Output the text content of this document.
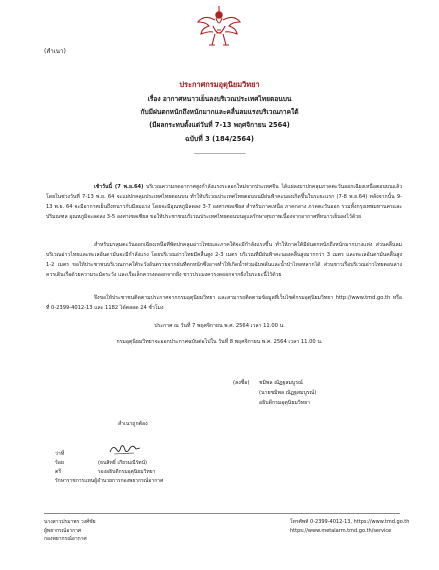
(สำเนา)
ประกาศกรมอุตุนิยมวิทยา
เรื่อง อากาศหนาวเย็นลงบริเวณประเทศไทยตอนบน
กับมีฝนตกหนักถึงหนักมากและคลื่นลมแรงบริเวณภาคใต้
(มีผลกระทบตั้งแต่วันที่ 7-13 พฤศจิกายน 2564)
ฉบับที่ 3 (184/2564)
-------------------------------

เช้าวันนี้ (7 พ.ย.64) บริเวณความกดอากาศสูงกำลังแรงระลอกใหม่จากประเทศจีน ได้แผ่ลงมาปกคลุมภาคตะวันออกเฉียงเหนือตอนบนแล้ว โดยในช่วงวันที่ 7-13 พ.ย. 64 จะแผ่ปกคลุมประเทศไทยตอนบน ทำให้บริเวณประเทศไทยตอนบนมีฝนฟ้าคะนองเกิดขึ้นในระยะแรก (7-8 พ.ย.64) หลังจากนั้น 9-13 พ.ย. 64 จะมีอากาศเย็นถึงหนาวกับมีลมแรง โดยจะมีอุณหภูมิลดลง 3-7 องศาเซลเซียส สำหรับภาคเหนือ ภาคกลาง ภาคตะวันออก รวมทั้งกรุงเทพมหานครและปริมณฑล อุณหภูมิจะลดลง 3-5 องศาเซลเซียส ขอให้ประชาชนบริเวณประเทศไทยตอนบนดูแลรักษาสุขภาพเนื่องจากอากาศที่หนาวเย็นลงไว้ด้วย

สำหรับมรสุมตะวันออกเฉียงเหนือที่พัดปกคลุมอ่าวไทยและภาคใต้จะมีกำลังแรงขึ้น ทำให้ภาคใต้มีฝนตกหนักถึงหนักมากบางแห่ง ส่วนคลื่นลมบริเวณอ่าวไทยและทะเลอันดามันจะมีกำลังแรง โดยบริเวณอ่าวไทยมีคลื่นสูง 2-3 เมตร บริเวณที่มีฝนฟ้าคะนองคลื่นสูงมากกว่า 3 เมตร และทะเลอันดามันคลื่นสูง 1-2 เมตร ขอให้ประชาชนบริเวณภาคใต้ระวังอันตรายจากฝนที่ตกหนักซึ่งอาจทำให้เกิดน้ำท่วมฉับพลันและน้ำป่าไหลหลากได้ ส่วนชาวเรือบริเวณอ่าวไทยตอนล่างควรเดินเรือด้วยความระมัดระวัง และเรือเล็กควรงดออกจากฝั่ง ชาวประมงควรงดออกจากฝั่งในระยะนี้ไว้ด้วย

จึงขอให้ประชาชนติดตามประกาศจากกรมอุตุนิยมวิทยา และสามารถติดตามข้อมูลที่เว็บไซต์กรมอุตุนิยมวิทยา http://www.tmd.go.th หรือที่ 0-2399-4012-13 และ 1182 ได้ตลอด 24 ชั่วโมง

ประกาศ ณ วันที่ 7 พฤศจิกายน พ.ศ. 2564 เวลา 11.00 น.
กรมอุตุนิยมวิทยาจะออกประกาศฉบับต่อไปใน วันที่ 8 พฤศจิกายน พ.ศ. 2564 เวลา 11.00 น.
(ลงชื่อ) ชมิพล ณัฏฐสมบูรณ์
(นายชมิพล ณัฏฐสมบูรณ์)
อธิบดีกรมอุตุนิยมวิทยา
สำเนาถูกต้อง
ว่าที่ร้อยตรี
(ธนสิทธิ์ เกียรมณีรัตน์)
รองอธิบดีกรมอุตุนิยมวิทยา
รักษาราชการแทนผู้อำนวยการกองพยากรณ์อากาศ
นางสาวปรมาพร วงศ์ชัย
ผู้พยากรณ์อากาศ
กองพยากรณ์อากาศ
โทรศัพท์ 0-2399-4012-13, https://www.tmd.go.th
https://www.metalarm.tmd.go.th/service
